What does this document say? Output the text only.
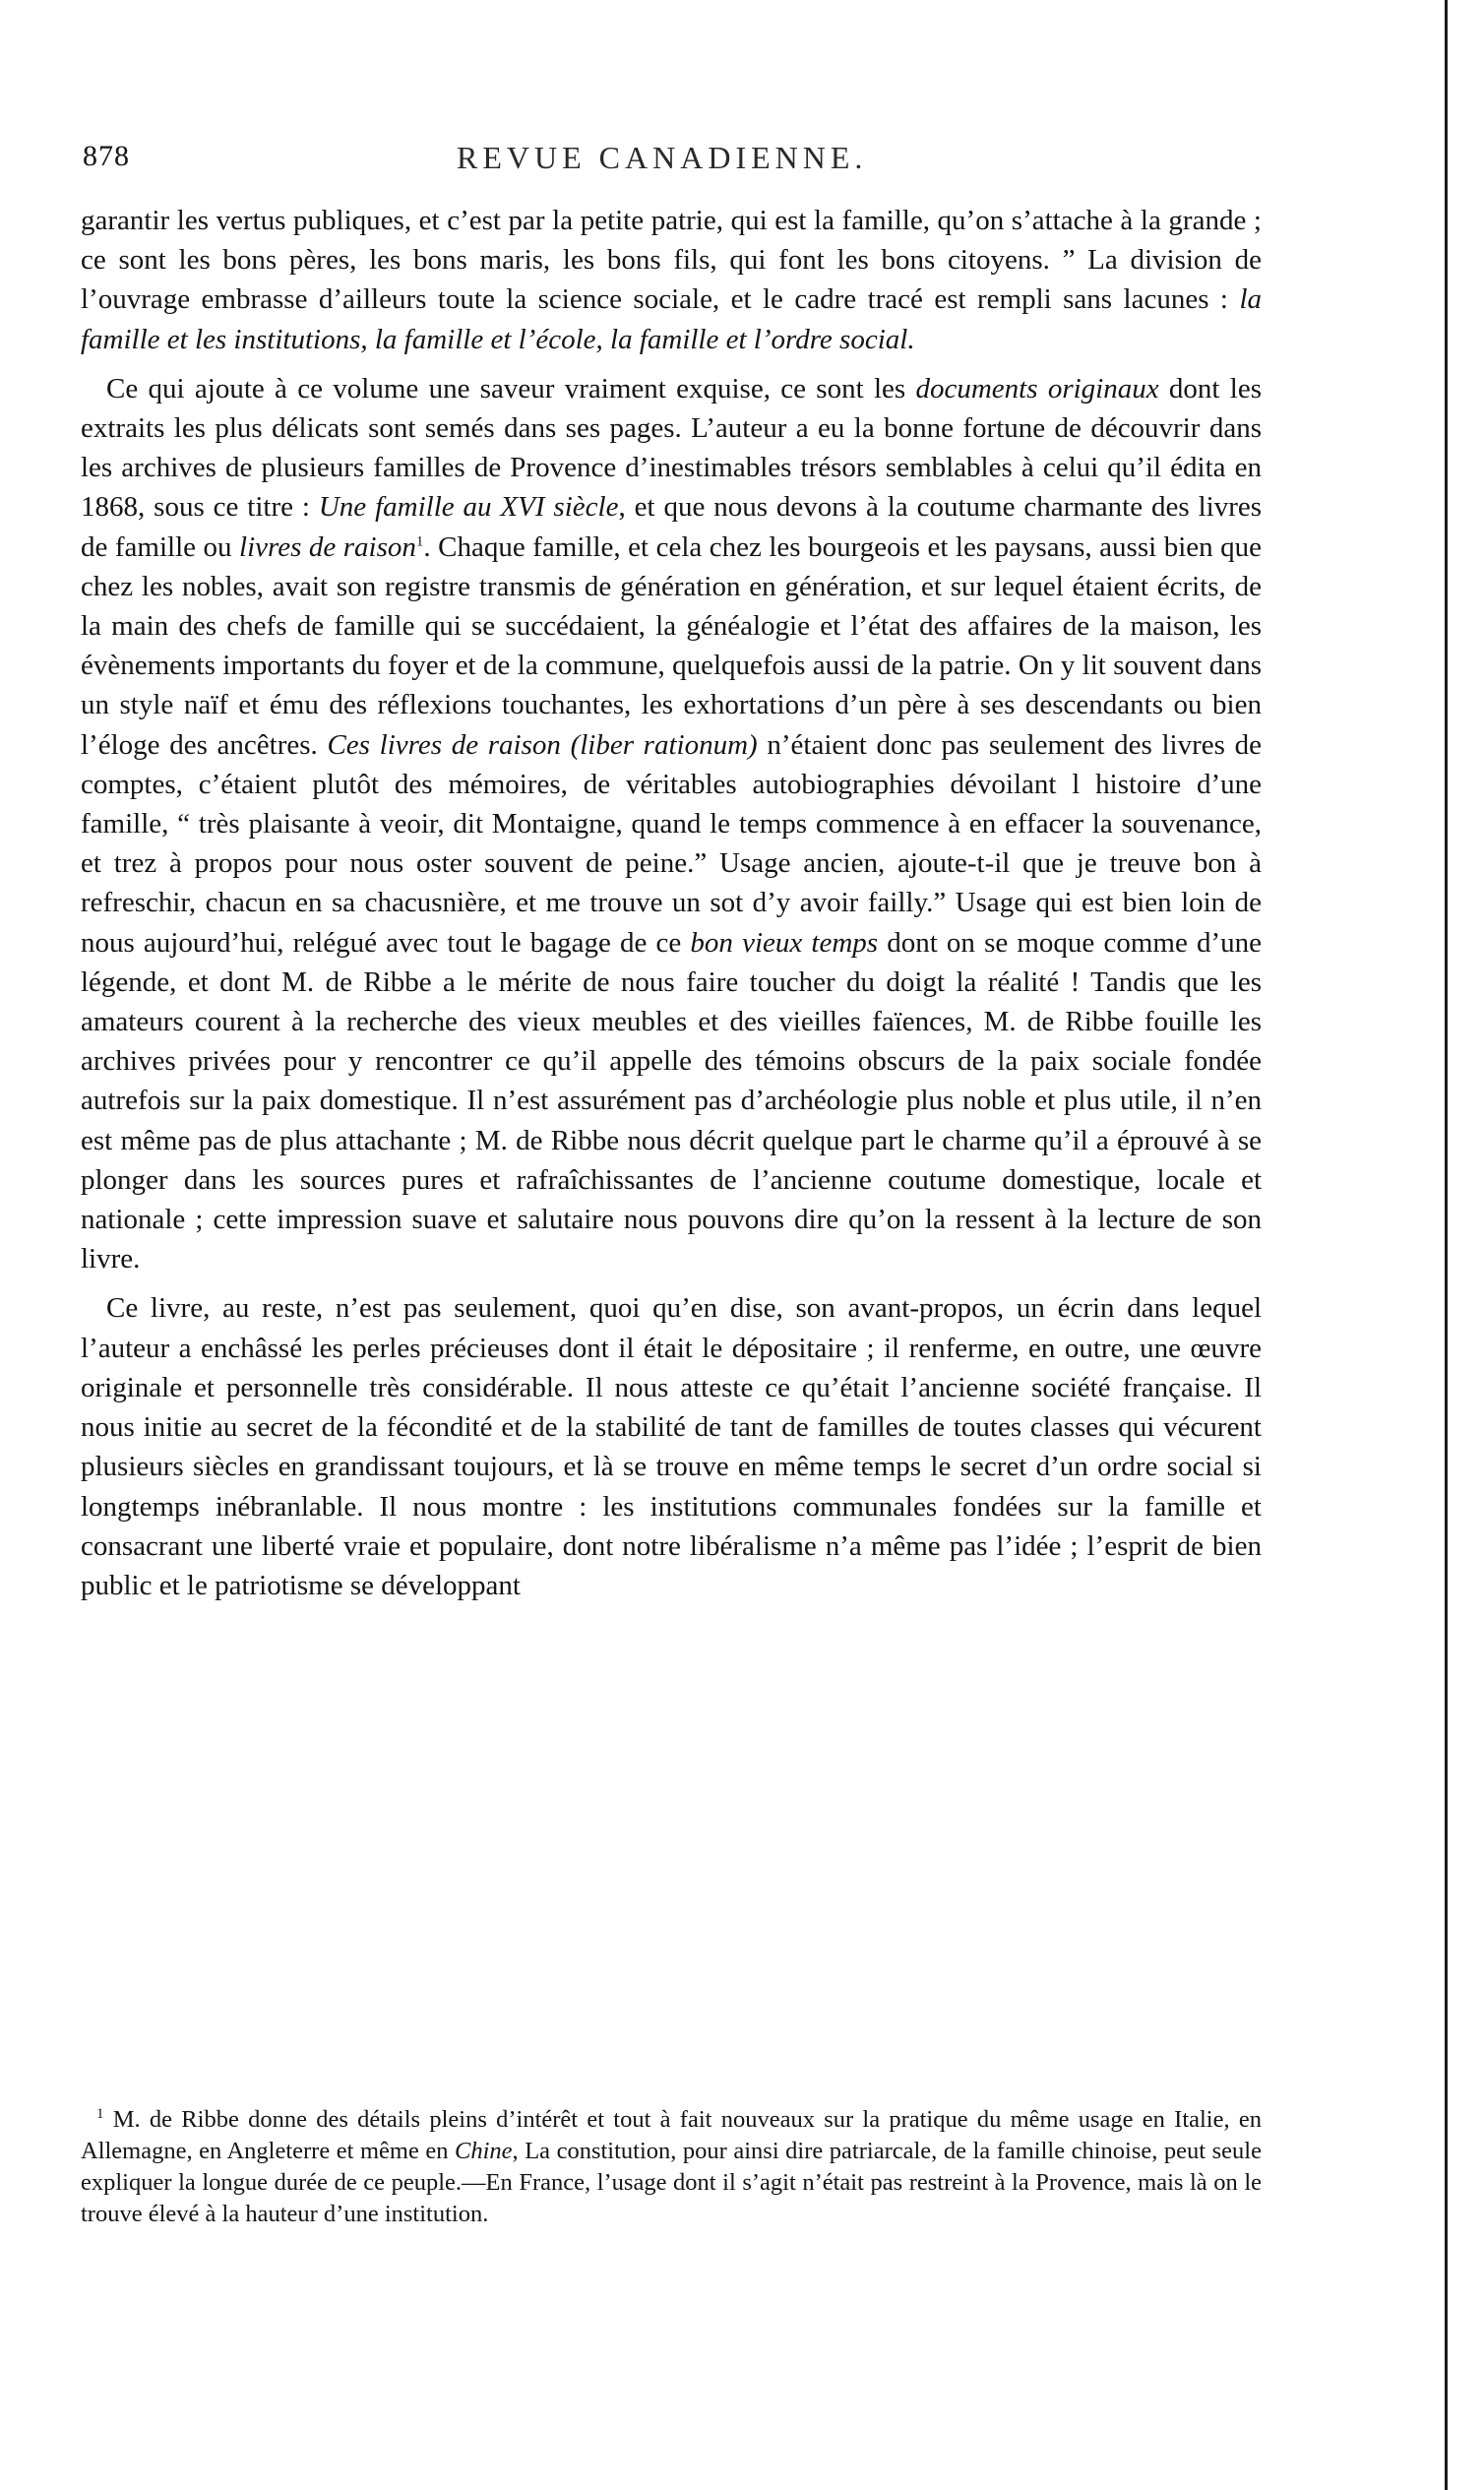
878	REVUE CANADIENNE.

garantir les vertus publiques, et c’est par la petite patrie, qui est la famille, qu’on s’attache à la grande ; ce sont les bons pères, les bons maris, les bons fils, qui font les bons citoyens. ” La division de l’ouvrage embrasse d’ailleurs toute la science sociale, et le cadre tracé est rempli sans lacunes : la famille et les institutions, la famille et l’école, la famille et l’ordre social.

Ce qui ajoute à ce volume une saveur vraiment exquise, ce sont les documents originaux dont les extraits les plus délicats sont semés dans ses pages. L’auteur a eu la bonne fortune de découvrir dans les archives de plusieurs familles de Provence d’inestimables trésors semblables à celui qu’il édita en 1868, sous ce titre : Une famille au XVI siècle, et que nous devons à la coutume charmante des livres de famille ou livres de raison$^1$. Chaque famille, et cela chez les bourgeois et les paysans, aussi bien que chez les nobles, avait son registre transmis de génération en génération, et sur lequel étaient écrits, de la main des chefs de famille qui se succédaient, la généalogie et l’état des affaires de la maison, les évènements importants du foyer et de la commune, quelquefois aussi de la patrie. On y lit souvent dans un style naïf et ému des réflexions touchantes, les exhortations d’un père à ses descendants ou bien l’éloge des ancêtres. Ces livres de raison (liber rationum) n’étaient donc pas seulement des livres de comptes, c’étaient plutôt des mémoires, de véritables autobiographies dévoilant l histoire d’une famille, “ très plaisante à veoir, dit Montaigne, quand le temps commence à en effacer la souvenance, et trez à propos pour nous oster souvent de peine.” Usage ancien, ajoute-t-il que je treuve bon à refreschir, chacun en sa chacusnière, et me trouve un sot d’y avoir failly.” Usage qui est bien loin de nous aujourd’hui, relégué avec tout le bagage de ce bon vieux temps dont on se moque comme d’une légende, et dont M. de Ribbe a le mérite de nous faire toucher du doigt la réalité ! Tandis que les amateurs courent à la recherche des vieux meubles et des vieilles faïences, M. de Ribbe fouille les archives privées pour y rencontrer ce qu’il appelle des témoins obscurs de la paix sociale fondée autrefois sur la paix domestique. Il n’est assurément pas d’archéologie plus noble et plus utile, il n’en est même pas de plus attachante ; M. de Ribbe nous décrit quelque part le charme qu’il a éprouvé à se plonger dans les sources pures et rafraîchissantes de l’ancienne coutume domestique, locale et nationale ; cette impression suave et salutaire nous pouvons dire qu’on la ressent à la lecture de son livre.

Ce livre, au reste, n’est pas seulement, quoi qu’en dise, son avant-propos, un écrin dans lequel l’auteur a enchâssé les perles précieuses dont il était le dépositaire ; il renferme, en outre, une œuvre originale et personnelle très considérable. Il nous atteste ce qu’était l’ancienne société française. Il nous initie au secret de la fécondité et de la stabilité de tant de familles de toutes classes qui vécurent plusieurs siècles en grandissant toujours, et là se trouve en même temps le secret d’un ordre social si longtemps inébranlable. Il nous montre : les institutions communales fondées sur la famille et consacrant une liberté vraie et populaire, dont notre libéralisme n’a même pas l’idée ; l’esprit de bien public et le patriotisme se développant

$^1$ M. de Ribbe donne des détails pleins d’intérêt et tout à fait nouveaux sur la pratique du même usage en Italie, en Allemagne, en Angleterre et même en Chine, La constitution, pour ainsi dire patriarcale, de la famille chinoise, peut seule expliquer la longue durée de ce peuple.—En France, l’usage dont il s’agit n’était pas restreint à la Provence, mais là on le trouve élevé à la hauteur d’une institution.
